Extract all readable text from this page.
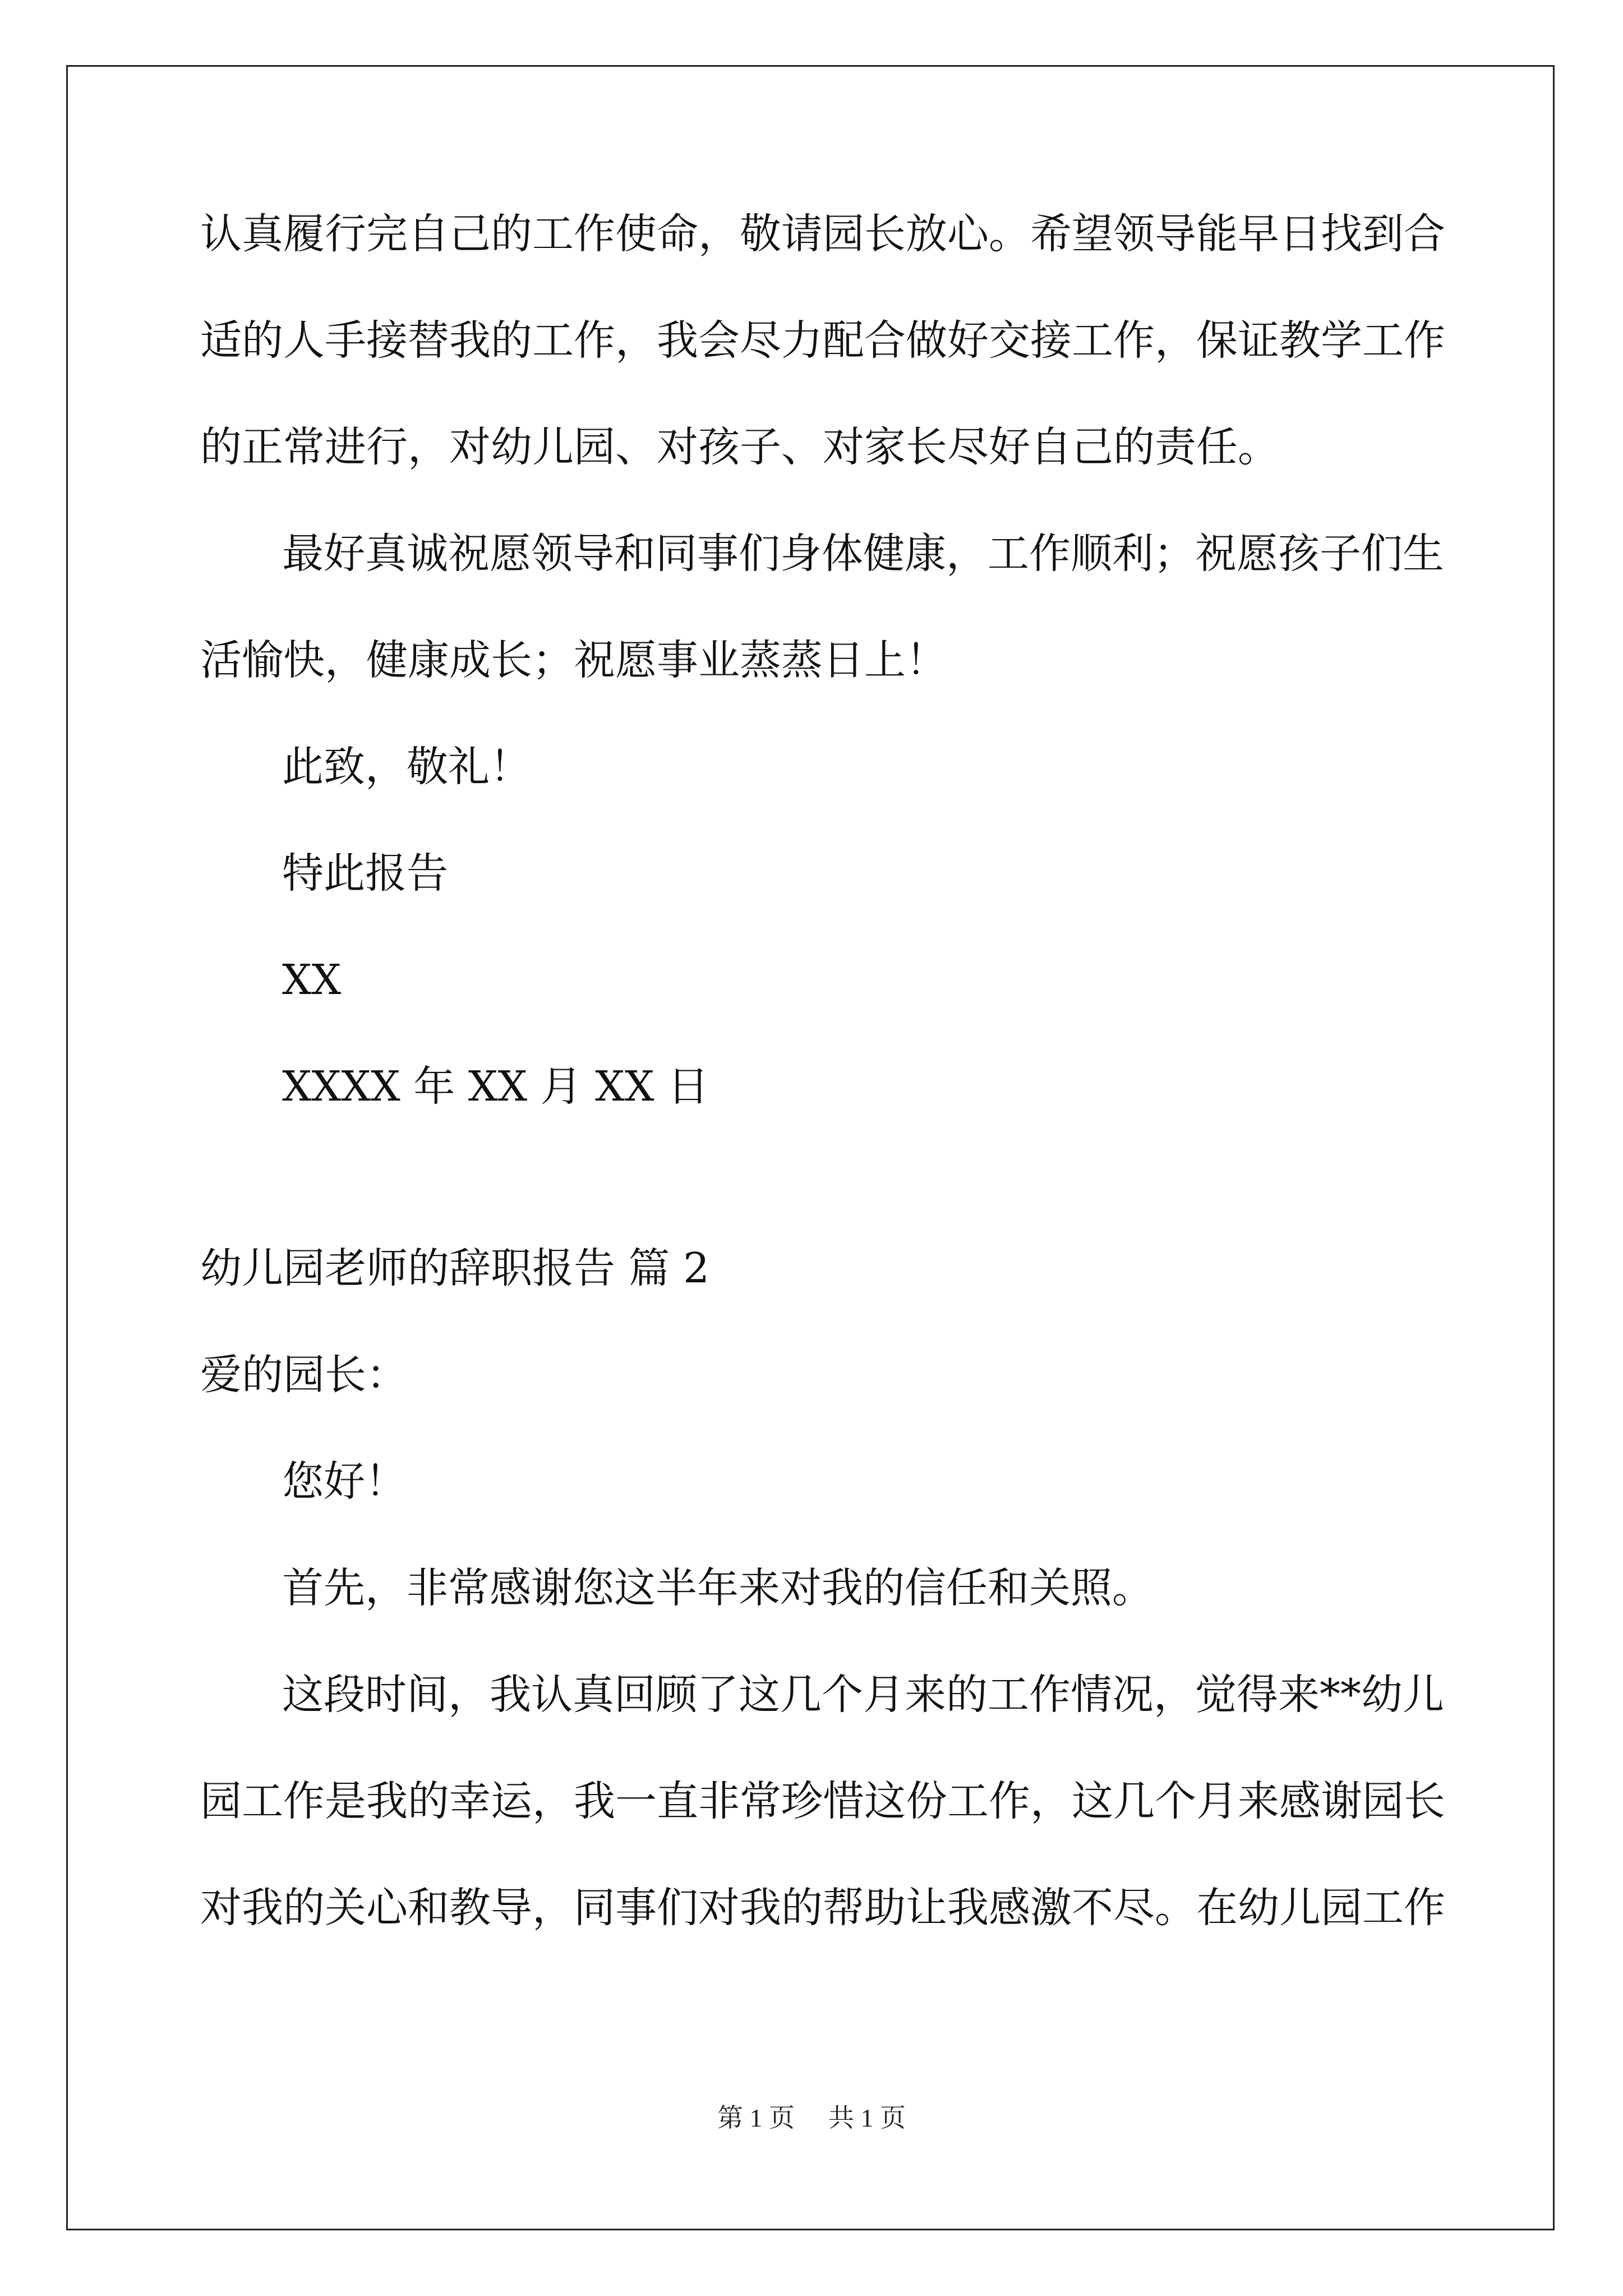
认真履行完自己的工作使命，敬请园长放心。希望领导能早日找到合
适的人手接替我的工作，我会尽力配合做好交接工作，保证教学工作
的正常进行，对幼儿园、对孩子、对家长尽好自己的责任。
最好真诚祝愿领导和同事们身体健康，工作顺利；祝愿孩子们生
活愉快，健康成长；祝愿事业蒸蒸日上！
此致，敬礼！
特此报告
XX
XXXX 年 XX 月 XX 日
幼儿园老师的辞职报告 篇 2
爱的园长：
您好！
首先，非常感谢您这半年来对我的信任和关照。
这段时间，我认真回顾了这几个月来的工作情况，觉得来**幼儿
园工作是我的幸运，我一直非常珍惜这份工作，这几个月来感谢园长
对我的关心和教导，同事们对我的帮助让我感激不尽。在幼儿园工作
第 1 页 共 1 页
